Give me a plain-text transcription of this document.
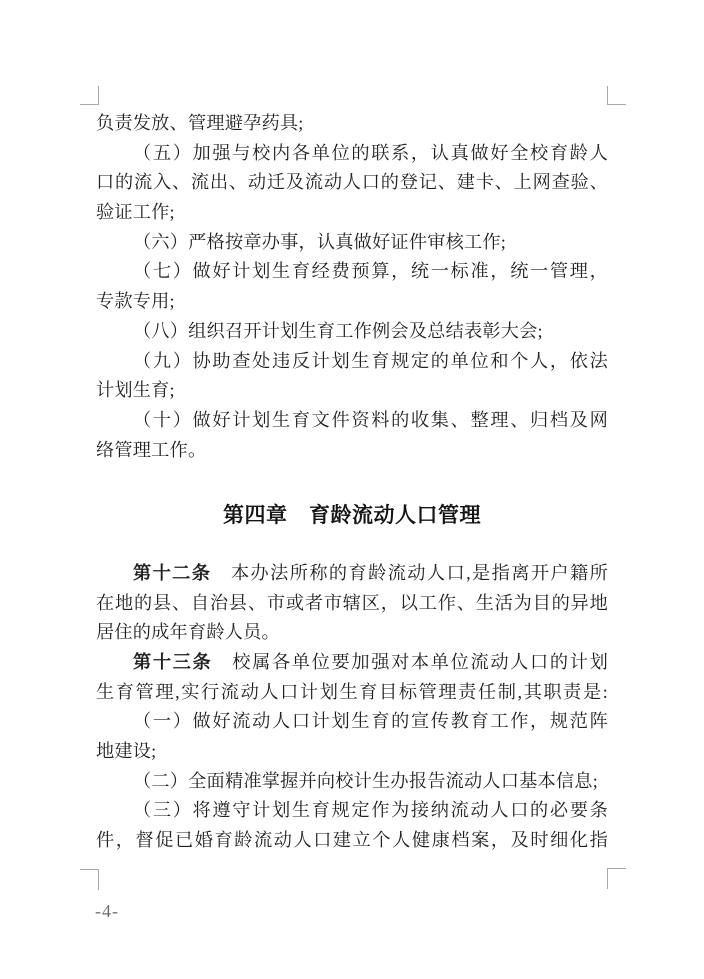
负责发放、管理避孕药具;
（五）加强与校内各单位的联系，认真做好全校育龄人
口的流入、流出、动迁及流动人口的登记、建卡、上网查验、
验证工作;
（六）严格按章办事，认真做好证件审核工作;
（七）做好计划生育经费预算，统一标准，统一管理，
专款专用;
（八）组织召开计划生育工作例会及总结表彰大会;
（九）协助查处违反计划生育规定的单位和个人，依法
计划生育;
（十）做好计划生育文件资料的收集、整理、归档及网
络管理工作。
第四章　育龄流动人口管理
第十二条　本办法所称的育龄流动人口,是指离开户籍所
在地的县、自治县、市或者市辖区，以工作、生活为目的异地
居住的成年育龄人员。
第十三条　校属各单位要加强对本单位流动人口的计划
生育管理,实行流动人口计划生育目标管理责任制,其职责是:
（一）做好流动人口计划生育的宣传教育工作，规范阵
地建设;
（二）全面精准掌握并向校计生办报告流动人口基本信息;
（三）将遵守计划生育规定作为接纳流动人口的必要条
件，督促已婚育龄流动人口建立个人健康档案，及时细化指
-4-
